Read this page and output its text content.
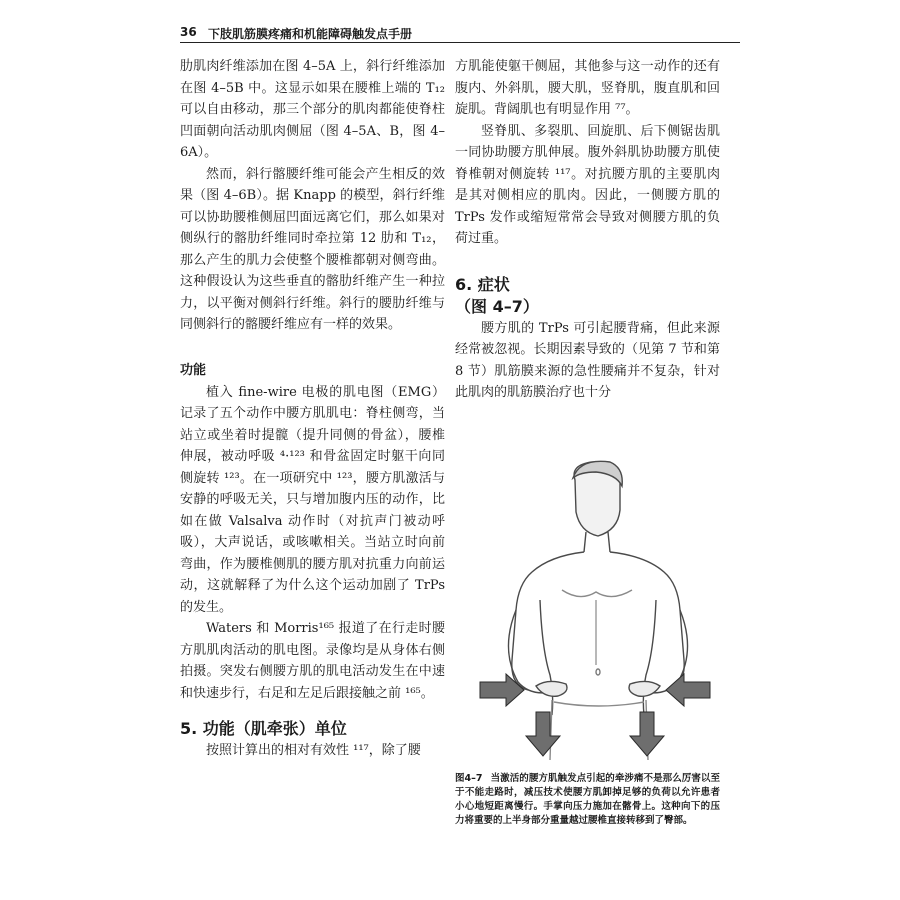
36 下肢肌筋膜疼痛和机能障碍触发点手册

肋肌肉纤维添加在图 4–5A 上，斜行纤维添加在图 4–5B 中。这显示如果在腰椎上端的 T₁₂ 可以自由移动，那三个部分的肌肉都能使脊柱凹面朝向活动肌肉侧屈（图 4–5A、B，图 4–6A）。

然而，斜行髂腰纤维可能会产生相反的效果（图 4–6B）。据 Knapp 的模型，斜行纤维可以协助腰椎侧屈凹面远离它们，那么如果对侧纵行的髂肋纤维同时牵拉第 12 肋和 T₁₂，那么产生的肌力会使整个腰椎都朝对侧弯曲。这种假设认为这些垂直的髂肋纤维产生一种拉力，以平衡对侧斜行纤维。斜行的腰肋纤维与同侧斜行的髂腰纤维应有一样的效果。

功能

植入 fine-wire 电极的肌电图（EMG）记录了五个动作中腰方肌肌电：脊柱侧弯，当站立或坐着时提髋（提升同侧的骨盆），腰椎伸展，被动呼吸 ⁴·¹²³ 和骨盆固定时躯干向同侧旋转 ¹²³。在一项研究中 ¹²³，腰方肌激活与安静的呼吸无关，只与增加腹内压的动作，比如在做 Valsalva 动作时（对抗声门被动呼吸），大声说话，或咳嗽相关。当站立时向前弯曲，作为腰椎侧肌的腰方肌对抗重力向前运动，这就解释了为什么这个运动加剧了 TrPs 的发生。

Waters 和 Morris¹⁶⁵ 报道了在行走时腰方肌肌肉活动的肌电图。录像均是从身体右侧拍摄。突发右侧腰方肌的肌电活动发生在中速和快速步行，右足和左足后跟接触之前 ¹⁶⁵。

5. 功能（肌牵张）单位

按照计算出的相对有效性 ¹¹⁷，除了腰

方肌能使躯干侧屈，其他参与这一动作的还有腹内、外斜肌，腰大肌，竖脊肌，腹直肌和回旋肌。背阔肌也有明显作用 ⁷⁷。

竖脊肌、多裂肌、回旋肌、后下侧锯齿肌一同协助腰方肌伸展。腹外斜肌协助腰方肌使脊椎朝对侧旋转 ¹¹⁷。对抗腰方肌的主要肌肉是其对侧相应的肌肉。因此，一侧腰方肌的 TrPs 发作或缩短常常会导致对侧腰方肌的负荷过重。

6. 症状

（图 4–7）

腰方肌的 TrPs 可引起腰背痛，但此来源经常被忽视。长期因素导致的（见第 7 节和第 8 节）肌筋膜来源的急性腰痛并不复杂，针对此肌肉的肌筋膜治疗也十分

图4–7 当激活的腰方肌触发点引起的牵涉痛不是那么厉害以至于不能走路时，减压技术使腰方肌卸掉足够的负荷以允许患者小心地短距离慢行。手掌向压力施加在髂骨上。这种向下的压力将重要的上半身部分重量越过腰椎直接转移到了臀部。
